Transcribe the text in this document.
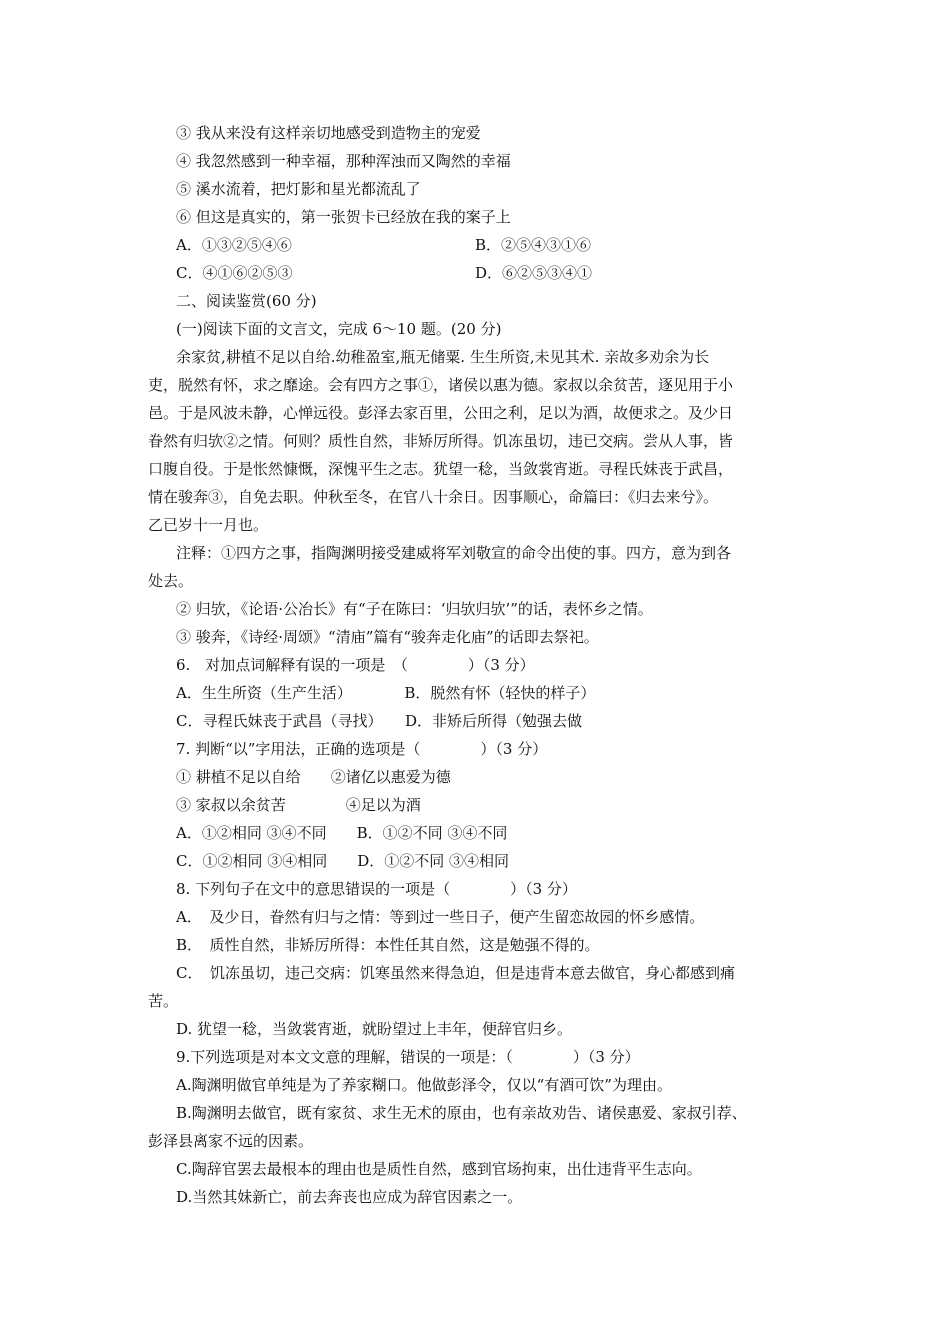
③ 我从来没有这样亲切地感受到造物主的宠爱
④ 我忽然感到一种幸福，那种浑浊而又陶然的幸福
⑤ 溪水流着，把灯影和星光都流乱了
⑥ 但这是真实的，第一张贺卡已经放在我的案子上
A．①③②⑤④⑥	B．②⑤④③①⑥
C．④①⑥②⑤③	D．⑥②⑤③④①
二、阅读鉴赏(60 分)
(一)阅读下面的文言文，完成 6～10 题。(20 分)
余家贫,耕植不足以自给.幼稚盈室,瓶无储粟. 生生所资,未见其术. 亲故多劝余为长
吏，脱然有怀，求之靡途。会有四方之事①，诸侯以惠为德。家叔以余贫苦，逐见用于小
邑。于是风波未静，心惮远役。彭泽去家百里，公田之利，足以为酒，故便求之。及少日
眷然有归欤②之情。何则？质性自然，非矫厉所得。饥冻虽切，违已交病。尝从人事，皆
口腹自役。于是怅然慷慨，深愧平生之志。犹望一稔，当敛裳宵逝。寻程氏妹丧于武昌，
情在骏奔③，自免去职。仲秋至冬，在官八十余日。因事顺心，命篇曰：《归去来兮》。
乙已岁十一月也。
注释：①四方之事，指陶渊明接受建威将军刘敬宣的命令出使的事。四方，意为到各
处去。
② 归欤，《论语·公冶长》有“子在陈曰：‘归欤归欤’”的话，表怀乡之情。
③ 骏奔，《诗经·周颂》“清庙”篇有“骏奔走化庙”的话即去祭祀。
6.　对加点词解释有误的一项是　（　　　　）（3 分）
A．生生所资（生产生活）　　　　B．脱然有怀（轻快的样子）
C．寻程氏妹丧于武昌（寻找）　　D．非矫后所得（勉强去做
7. 判断“以”字用法，正确的选项是（　　　　）（3 分）
① 耕植不足以自给　　②诸亿以惠爱为德
③ 家叔以余贫苦　　　　④足以为酒
A．①②相同 ③④不同　　B．①②不同 ③④不同
C．①②相同 ③④相同　　D．①②不同 ③④相同
8. 下列句子在文中的意思错误的一项是（　　　　）（3 分）
A．　及少日，眷然有归与之情：等到过一些日子，便产生留恋故园的怀乡感情。
B．　质性自然，非矫厉所得：本性任其自然，这是勉强不得的。
C．　饥冻虽切，违己交病：饥寒虽然来得急迫，但是违背本意去做官，身心都感到痛
苦。
D. 犹望一稔，当敛裳宵逝，就盼望过上丰年，便辞官归乡。
9.下列选项是对本文文意的理解，错误的一项是：（　　　　）（3 分）
A.陶渊明做官单纯是为了养家糊口。他做彭泽令，仅以“有酒可饮”为理由。
B.陶渊明去做官，既有家贫、求生无术的原由，也有亲故劝告、诸侯惠爱、家叔引荐、
彭泽县离家不远的因素。
C.陶辞官罢去最根本的理由也是质性自然，感到官场拘束，出仕违背平生志向。
D.当然其妹新亡，前去奔丧也应成为辞官因素之一。
